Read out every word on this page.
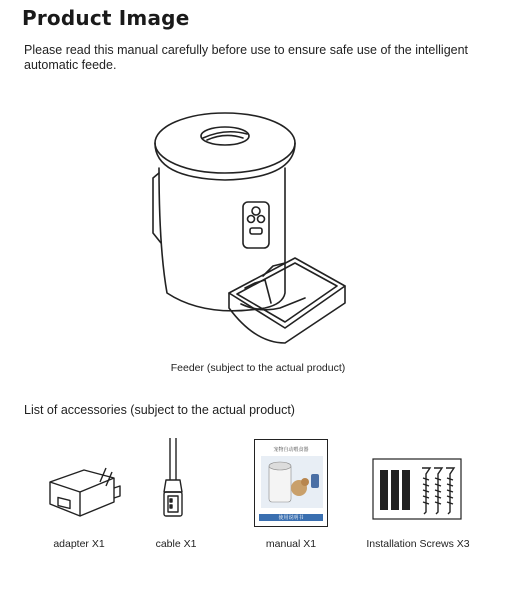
Product Image
Please read this manual carefully before use to ensure safe use of the intelligent automatic feede.
Feeder (subject to the actual product)
List of accessories (subject to the actual product)
adapter X1	cable X1
宠物自动喂食器
使用说明书
manual X1	Installation Screws X3
